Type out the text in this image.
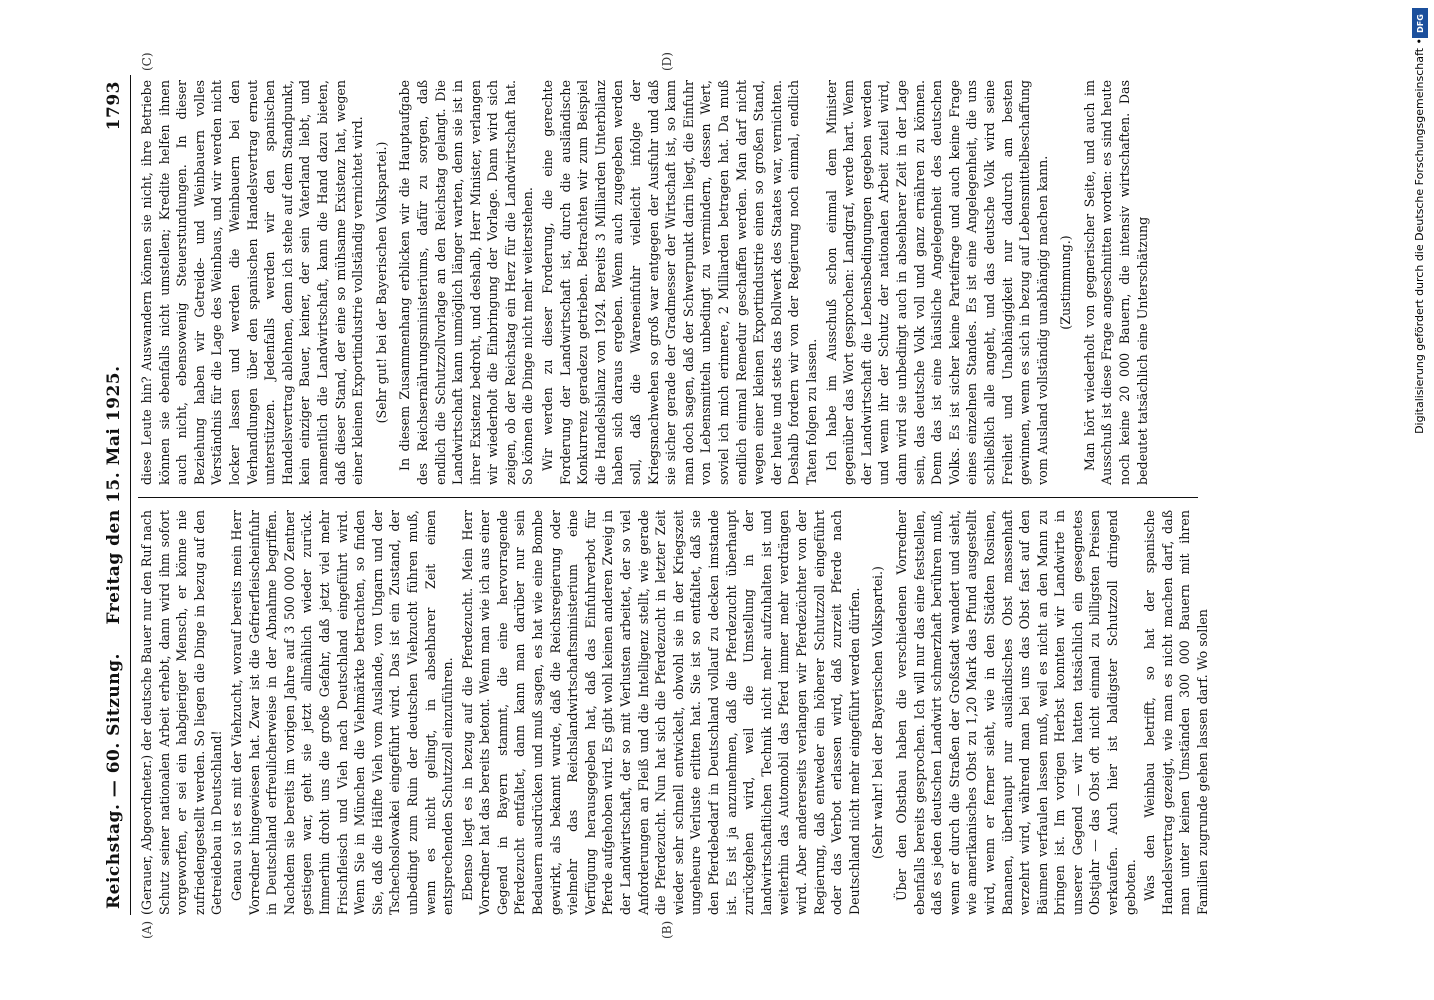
Reichstag. — 60. Sitzung.
Freitag den 15. Mai 1925.
1793

(Gerauer, Abgeordneter.) der deutsche Bauer nur den Ruf nach Schutz seiner nationalen Arbeit erhebt, dann wird ihm sofort vorgeworfen, er sei ein habgieriger Mensch, er könne nie zufriedengestellt werden. So liegen die Dinge in bezug auf den Getreidebau in Deutschland! Genau so ist es mit der Viehzucht, worauf bereits mein Herr Vorredner hingewiesen hat. Zwar ist die Gefrierfleischeinfuhr in Deutschland erfreulicherweise in der Abnahme begriffen. Nachdem sie bereits im vorigen Jahre auf 3 500 000 Zentner gestiegen war, geht sie jetzt allmählich wieder zurück. Immerhin droht uns die große Gefahr, daß jetzt viel mehr Frischfleisch und Vieh nach Deutschland eingeführt wird. Wenn Sie in München die Viehmärkte betrachten, so finden Sie, daß die Hälfte Vieh vom Auslande, von Ungarn und der Tschechoslowakei eingeführt wird. Das ist ein Zustand, der unbedingt zum Ruin der deutschen Viehzucht führen muß, wenn es nicht gelingt, in absehbarer Zeit einen entsprechenden Schutzzoll einzuführen. Ebenso liegt es in bezug auf die Pferdezucht. Mein Herr Vorredner hat das bereits betont. Wenn man wie ich aus einer Gegend in Bayern stammt, die eine hervorragende Pferdezucht entfaltet, dann kann man darüber nur sein Bedauern ausdrücken und muß sagen, es hat wie eine Bombe gewirkt, als bekannt wurde, daß die Reichsregierung oder vielmehr das Reichslandwirtschaftsministerium eine Verfügung herausgegeben hat, daß das Einfuhrverbot für Pferde aufgehoben wird. Es gibt wohl keinen anderen Zweig in der Landwirtschaft, der so mit Verlusten arbeitet, der so viel Anforderungen an Fleiß und die Intelligenz stellt, wie gerade die Pferdezucht. Nun hat sich die Pferdezucht in letzter Zeit wieder sehr schnell entwickelt, obwohl sie in der Kriegszeit ungeheure Verluste erlitten hat. Sie ist so entfaltet, daß sie den Pferdebedarf in Deutschland vollauf zu decken imstande ist. Es ist ja anzunehmen, daß die Pferdezucht überhaupt zurückgehen wird, weil die Umstellung in der landwirtschaftlichen Technik nicht mehr aufzuhalten ist und weiterhin das Automobil das Pferd immer mehr verdrängen wird. Aber andererseits verlangen wir Pferdezüchter von der Regierung, daß entweder ein höherer Schutzzoll eingeführt oder das Verbot erlassen wird, daß zurzeit Pferde nach Deutschland nicht mehr eingeführt werden dürfen. (Sehr wahr! bei der Bayerischen Volkspartei.) Über den Obstbau haben die verschiedenen Vorredner ebenfalls bereits gesprochen. Ich will nur das eine feststellen, daß es jeden deutschen Landwirt schmerzhaft berühren muß, wenn er durch die Straßen der Großstadt wandert und sieht, wie amerikanisches Obst zu 1,20 Mark das Pfund ausgestellt wird, wenn er ferner sieht, wie in den Städten Rosinen, Bananen, überhaupt nur ausländisches Obst massenhaft verzehrt wird, während man bei uns das Obst fast auf den Bäumen verfaulen lassen muß, weil es nicht an den Mann zu bringen ist. Im vorigen Herbst konnten wir Landwirte in unserer Gegend — wir hatten tatsächlich ein gesegnetes Obstjahr — das Obst oft nicht einmal zu billigsten Preisen verkaufen. Auch hier ist baldigster Schutzzoll dringend geboten. Was den Weinbau betrifft, so hat der spanische Handelsvertrag gezeigt, wie man es nicht machen darf, daß man unter keinen Umständen 300 000 Bauern mit ihren Familien zugrunde gehen lassen darf. Wo sollen

diese Leute hin? Auswandern können sie nicht, ihre Betriebe können sie ebenfalls nicht umstellen; Kredite helfen ihnen auch nicht, ebensowenig Steuerstundungen. In dieser Beziehung haben wir Getreide- und Weinbauern volles Verständnis für die Lage des Weinbaus, und wir werden nicht locker lassen und werden die Weinbauern bei den Verhandlungen über den spanischen Handelsvertrag erneut unterstützen. Jedenfalls werden wir den spanischen Handelsvertrag ablehnen, denn ich stehe auf dem Standpunkt, kein einziger Bauer, keiner, der sein Vaterland liebt, und namentlich die Landwirtschaft, kann die Hand dazu bieten, daß dieser Stand, der eine so mühsame Existenz hat, wegen einer kleinen Exportindustrie vollständig vernichtet wird. (Sehr gut! bei der Bayerischen Volkspartei.) In diesem Zusammenhang erblicken wir die Hauptaufgabe des Reichsernährungsministeriums, dafür zu sorgen, daß endlich die Schutzzollvorlage an den Reichstag gelangt. Die Landwirtschaft kann unmöglich länger warten, denn sie ist in ihrer Existenz bedroht, und deshalb, Herr Minister, verlangen wir wiederholt die Einbringung der Vorlage. Dann wird sich zeigen, ob der Reichstag ein Herz für die Landwirtschaft hat. So können die Dinge nicht mehr weiterstehen. Wir werden zu dieser Forderung, die eine gerechte Forderung der Landwirtschaft ist, durch die ausländische Konkurrenz geradezu getrieben. Betrachten wir zum Beispiel die Handelsbilanz von 1924. Bereits 3 Milliarden Unterbilanz haben sich daraus ergeben. Wenn auch zugegeben werden soll, daß die Wareneinfuhr vielleicht infolge der Kriegsnachwehen so groß war entgegen der Ausfuhr und daß sie sicher gerade der Gradmesser der Wirtschaft ist, so kann man doch sagen, daß der Schwerpunkt darin liegt, die Einfuhr von Lebensmitteln unbedingt zu vermindern, dessen Wert, soviel ich mich erinnere, 2 Milliarden betragen hat. Da muß endlich einmal Remedur geschaffen werden. Man darf nicht wegen einer kleinen Exportindustrie einen so großen Stand, der heute und stets das Bollwerk des Staates war, vernichten. Deshalb fordern wir von der Regierung noch einmal, endlich Taten folgen zu lassen. Ich habe im Ausschuß schon einmal dem Minister gegenüber das Wort gesprochen: Landgraf, werde hart. Wenn der Landwirtschaft die Lebensbedingungen gegeben werden und wenn ihr der Schutz der nationalen Arbeit zuteil wird, dann wird sie unbedingt auch in absehbarer Zeit in der Lage sein, das deutsche Volk voll und ganz ernähren zu können. Denn das ist eine häusliche Angelegenheit des deutschen Volks. Es ist sicher keine Parteifrage und auch keine Frage eines einzelnen Standes. Es ist eine Angelegenheit, die uns schließlich alle angeht, und das deutsche Volk wird seine Freiheit und Unabhängigkeit nur dadurch am besten gewinnen, wenn es sich in bezug auf Lebensmittelbeschaffung vom Ausland vollständig unabhängig machen kann. (Zustimmung.) Man hört wiederholt von gegnerischer Seite, und auch im Ausschuß ist diese Frage angeschnitten worden: es sind heute noch keine 20 000 Bauern, die intensiv wirtschaften. Das bedeutet tatsächlich eine Unterschätzung

(A)	(B)
(C)	(D)
DFG
Digitalisierung gefördert durch die Deutsche Forschungsgemeinschaft •
